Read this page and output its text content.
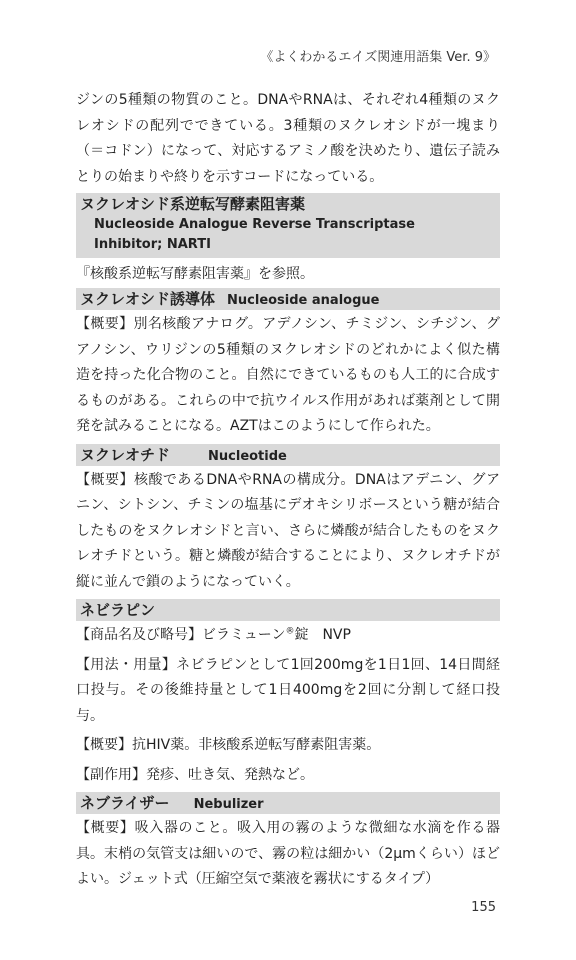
《よくわかるエイズ関連用語集 Ver. 9》

ジンの5種類の物質のこと。DNAやRNAは、それぞれ4種類のヌクレオシドの配列でできている。3種類のヌクレオシドが一塊まり（＝コドン）になって、対応するアミノ酸を決めたり、遺伝子読みとりの始まりや終りを示すコードになっている。

ヌクレオシド系逆転写酵素阻害薬
Nucleoside Analogue Reverse Transcriptase
Inhibitor; NARTI

『核酸系逆転写酵素阻害薬』を参照。

ヌクレオシド誘導体 Nucleoside analogue

【概要】別名核酸アナログ。アデノシン、チミジン、シチジン、グアノシン、ウリジンの5種類のヌクレオシドのどれかによく似た構造を持った化合物のこと。自然にできているものも人工的に合成するものがある。これらの中で抗ウイルス作用があれば薬剤として開発を試みることになる。AZTはこのようにして作られた。

ヌクレオチド	Nucleotide

【概要】核酸であるDNAやRNAの構成分。DNAはアデニン、グアニン、シトシン、チミンの塩基にデオキシリボースという糖が結合したものをヌクレオシドと言い、さらに燐酸が結合したものをヌクレオチドという。糖と燐酸が結合することにより、ヌクレオチドが縦に並んで鎖のようになっていく。

ネビラピン

【商品名及び略号】ビラミューン®錠　NVP

【用法・用量】ネビラピンとして1回200mgを1日1回、14日間経口投与。その後維持量として1日400mgを2回に分割して経口投与。

【概要】抗HIV薬。非核酸系逆転写酵素阻害薬。

【副作用】発疹、吐き気、発熱など。

ネブライザー Nebulizer

【概要】吸入器のこと。吸入用の霧のような微細な水滴を作る器具。末梢の気管支は細いので、霧の粒は細かい（2μmくらい）ほどよい。ジェット式（圧縮空気で薬液を霧状にするタイプ）

155
